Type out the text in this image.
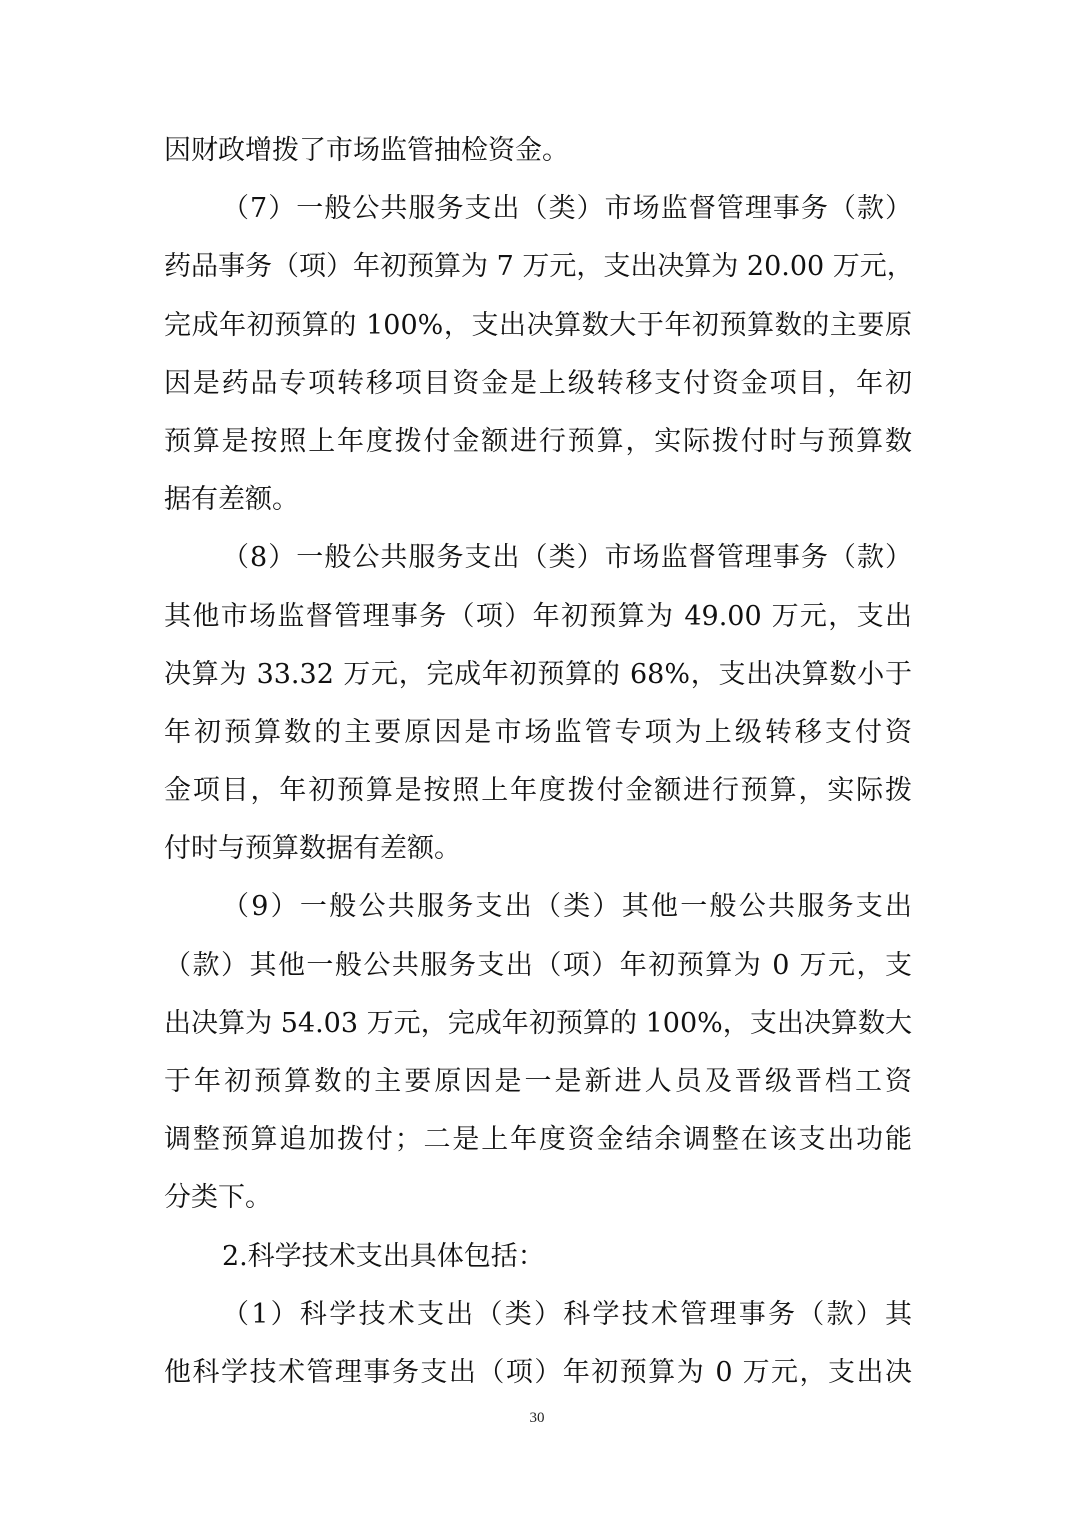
因财政增拨了市场监管抽检资金。
（7）一般公共服务支出（类）市场监督管理事务（款）
药品事务（项）年初预算为 7 万元，支出决算为 20.00 万元，
完成年初预算的 100%，支出决算数大于年初预算数的主要原
因是药品专项转移项目资金是上级转移支付资金项目，年初
预算是按照上年度拨付金额进行预算，实际拨付时与预算数
据有差额。
（8）一般公共服务支出（类）市场监督管理事务（款）
其他市场监督管理事务（项）年初预算为 49.00 万元，支出
决算为 33.32 万元，完成年初预算的 68%，支出决算数小于
年初预算数的主要原因是市场监管专项为上级转移支付资
金项目，年初预算是按照上年度拨付金额进行预算，实际拨
付时与预算数据有差额。
（9）一般公共服务支出（类）其他一般公共服务支出
（款）其他一般公共服务支出（项）年初预算为 0 万元，支
出决算为 54.03 万元，完成年初预算的 100%，支出决算数大
于年初预算数的主要原因是一是新进人员及晋级晋档工资
调整预算追加拨付；二是上年度资金结余调整在该支出功能
分类下。
2.科学技术支出具体包括：
（1）科学技术支出（类）科学技术管理事务（款）其
他科学技术管理事务支出（项）年初预算为 0 万元，支出决
30
